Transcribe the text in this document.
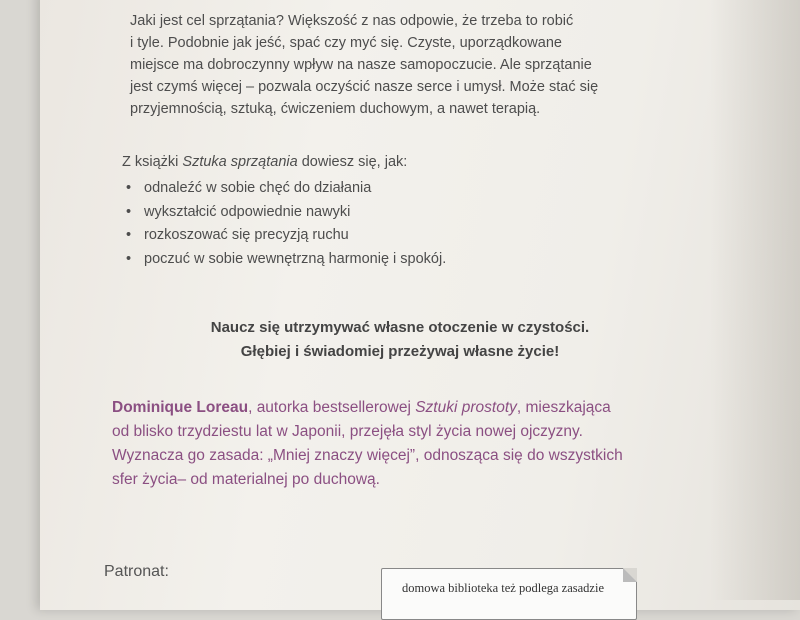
Jaki jest cel sprzątania? Większość z nas odpowie, że trzeba to robić

i tyle. Podobnie jak jeść, spać czy myć się. Czyste, uporządkowane

miejsce ma dobroczynny wpływ na nasze samopoczucie. Ale sprzątanie

jest czymś więcej – pozwala oczyścić nasze serce i umysł. Może stać się

przyjemnością, sztuką, ćwiczeniem duchowym, a nawet terapią.

Z książki Sztuka sprzątania dowiesz się, jak:
• odnaleźć w sobie chęć do działania
• wykształcić odpowiednie nawyki
• rozkoszować się precyzją ruchu
• poczuć w sobie wewnętrzną harmonię i spokój.
Naucz się utrzymywać własne otoczenie w czystości.
Głębiej i świadomiej przeżywaj własne życie!
Dominique Loreau, autorka bestsellerowej Sztuki prostoty, mieszkająca
od blisko trzydziestu lat w Japonii, przejęła styl życia nowej ojczyzny.
Wyznacza go zasada: „Mniej znaczy więcej”, odnosząca się do wszystkich
sfer życia– od materialnej po duchową.
Patronat:
domowa biblioteka też podlega zasadzie
